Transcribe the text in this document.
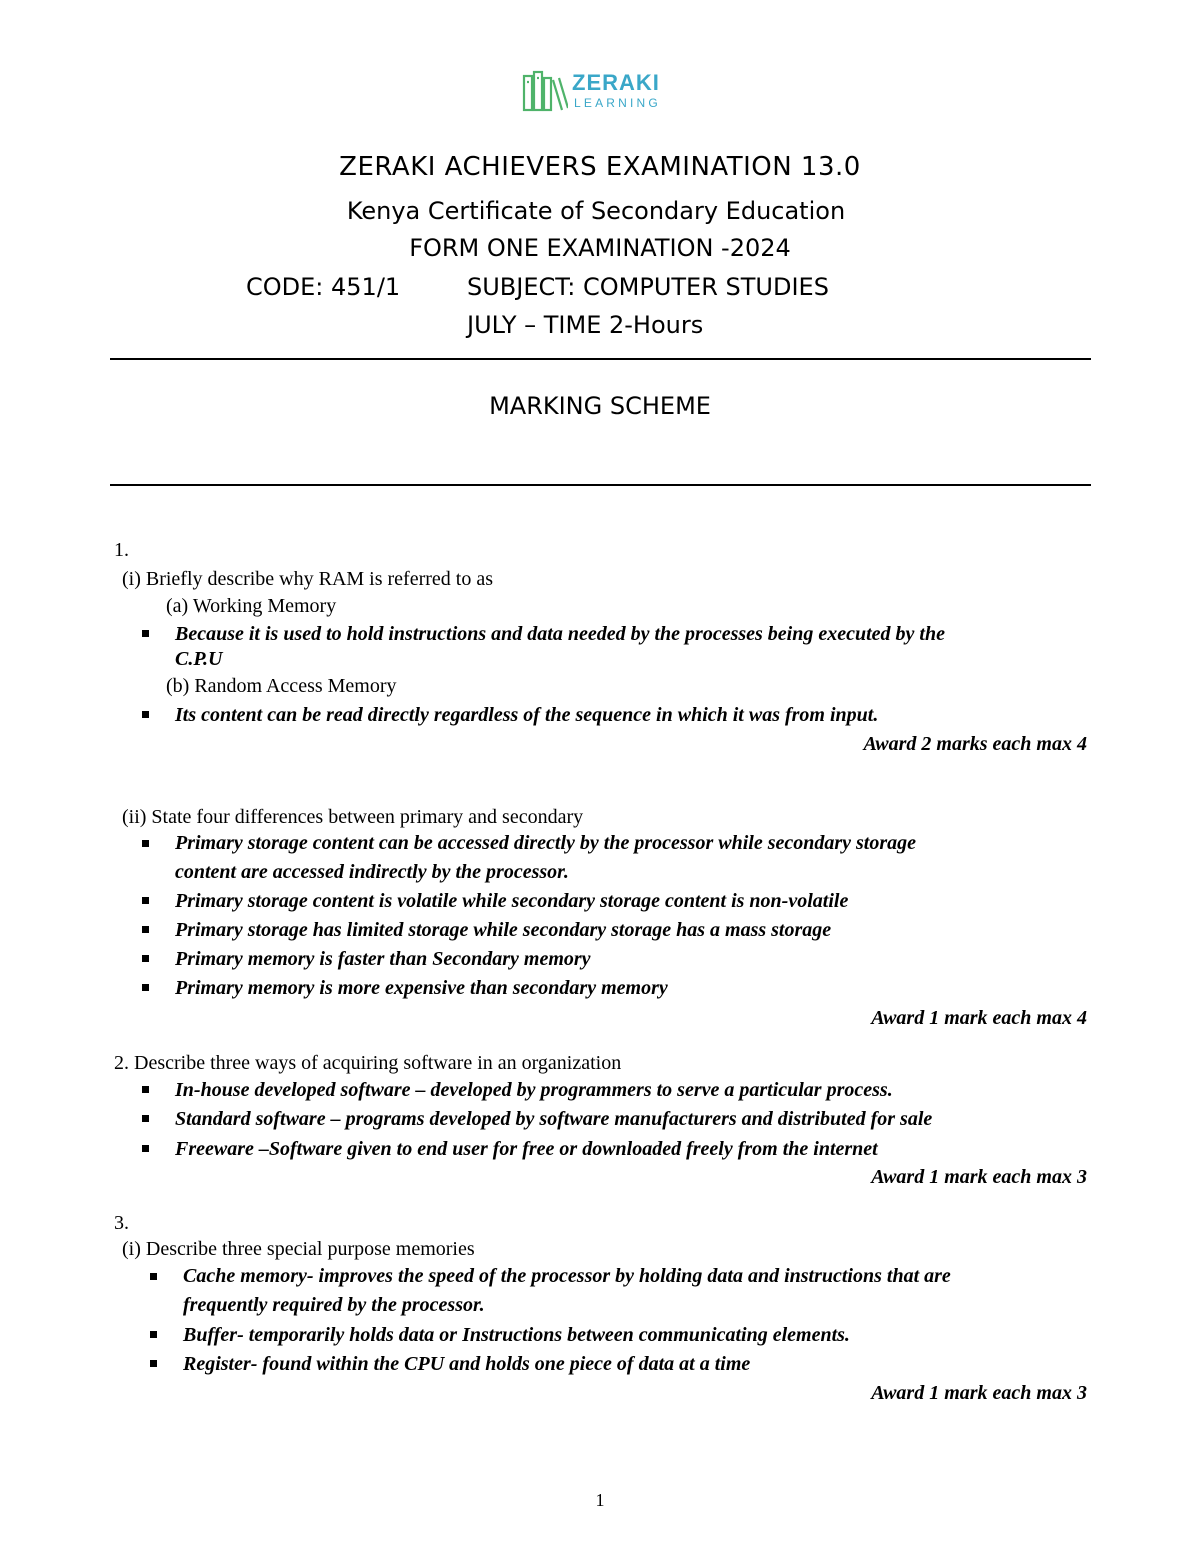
ZERAKI
LEARNING
ZERAKI ACHIEVERS EXAMINATION 13.0
Kenya Certificate of Secondary Education
FORM ONE EXAMINATION -2024
CODE: 451/1	SUBJECT: COMPUTER STUDIES
JULY – TIME 2-Hours
MARKING SCHEME
1.
(i) Briefly describe why RAM is referred to as
(a) Working Memory
Because it is used to hold instructions and data needed by the processes being executed by the
C.P.U
(b) Random Access Memory
Its content can be read directly regardless of the sequence in which it was from input.
Award 2 marks each max 4
(ii) State four differences between primary and secondary
Primary storage content can be accessed directly by the processor while secondary storage
content are accessed indirectly by the processor.
Primary storage content is volatile while secondary storage content is non-volatile
Primary storage has limited storage while secondary storage has a mass storage
Primary memory is faster than Secondary memory
Primary memory is more expensive than secondary memory
Award 1 mark each max 4
2. Describe three ways of acquiring software in an organization
In-house developed software – developed by programmers to serve a particular process.
Standard software – programs developed by software manufacturers and distributed for sale
Freeware –Software given to end user for free or downloaded freely from the internet
Award 1 mark each max 3
3.
(i) Describe three special purpose memories
Cache memory- improves the speed of the processor by holding data and instructions that are
frequently required by the processor.
Buffer- temporarily holds data or Instructions between communicating elements.
Register- found within the CPU and holds one piece of data at a time
Award 1 mark each max 3
1
